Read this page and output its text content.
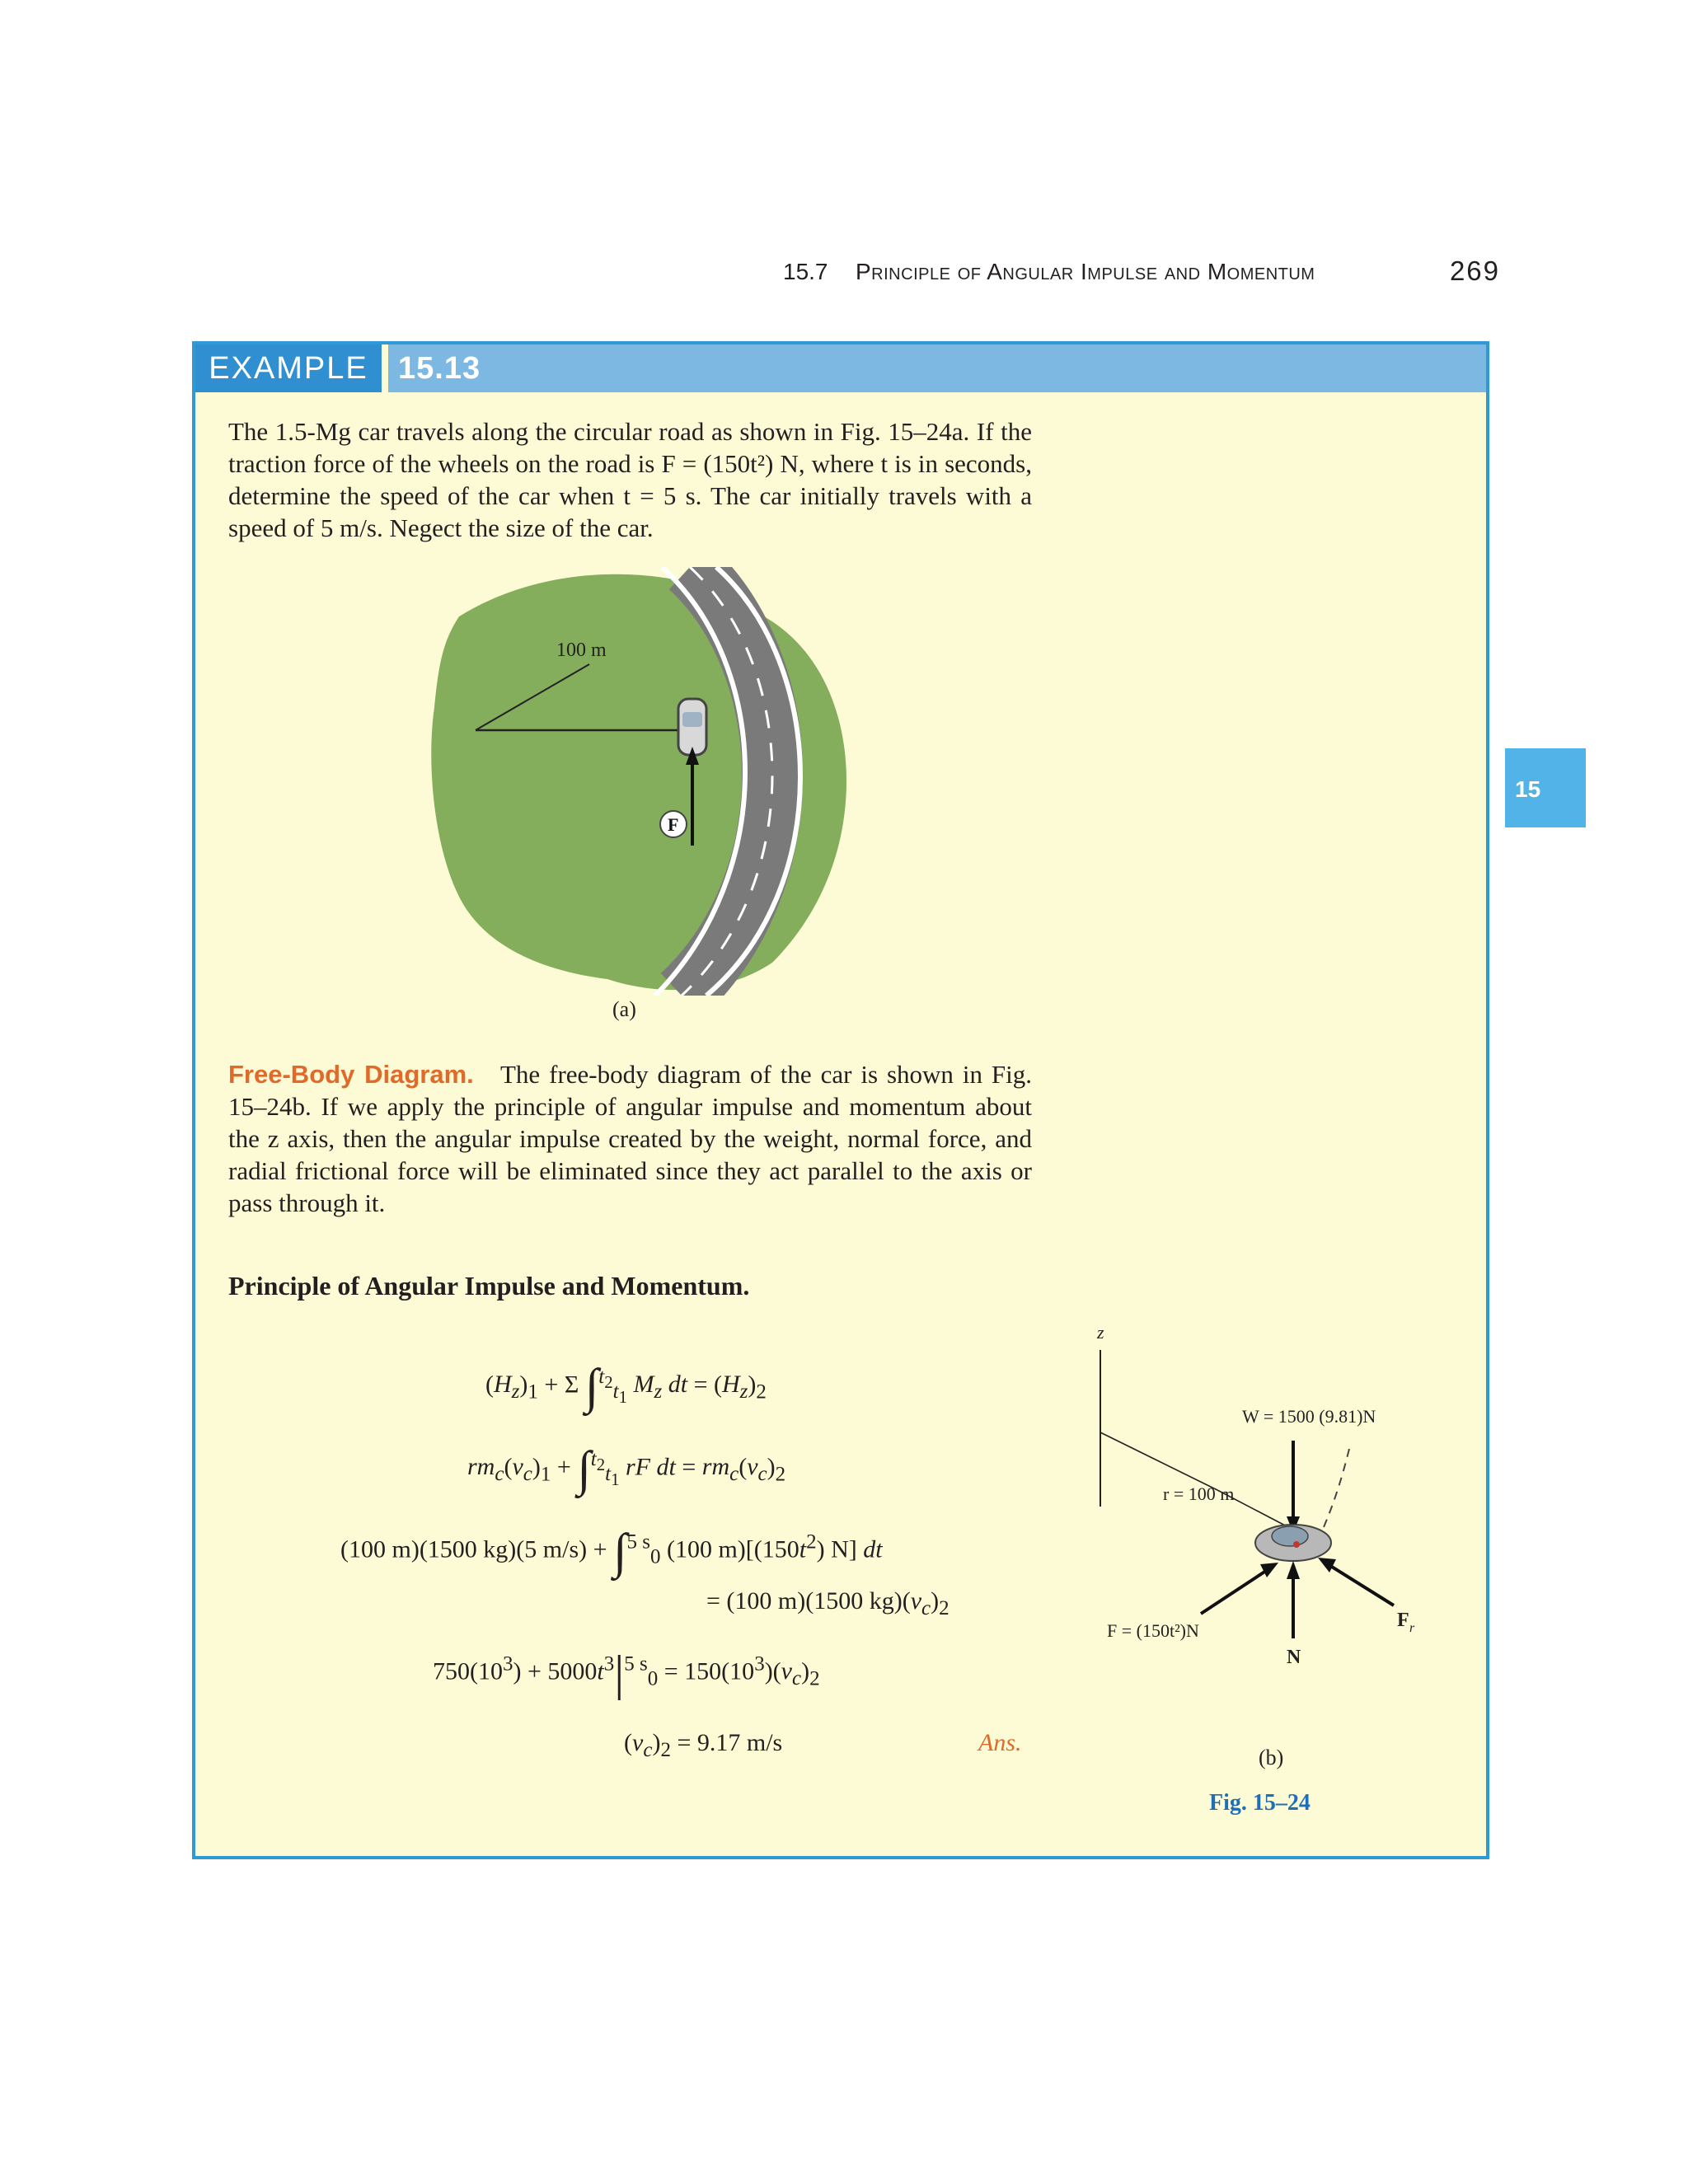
15.7 Principle of Angular Impulse and Momentum	269
15
EXAMPLE 15.13
The 1.5-Mg car travels along the circular road as shown in Fig. 15–24a. If the traction force of the wheels on the road is F = (150t²) N, where t is in seconds, determine the speed of the car when t = 5 s. The car initially travels with a speed of 5 m/s. Negect the size of the car.
100 m
F
(a)
Free-Body Diagram. The free-body diagram of the car is shown in Fig. 15–24b. If we apply the principle of angular impulse and momentum about the z axis, then the angular impulse created by the weight, normal force, and radial frictional force will be eliminated since they act parallel to the axis or pass through it.
Principle of Angular Impulse and Momentum.
$(H_z)_1 + \Sigma$ ∫$^{t_2}_{t_1}$ $M_z$ dt = $(H_z)_2$
$rm_c(v_c)_1 + \int^{t_2}_{t_1}$ rF dt = $rm_c(v_c)_2$
(100 m)(1500 kg)(5 m/s) + ∫$^{5 s}_0$ (100 $m)[(150t^2)$ N] dt
= (100 m)(1500 $kg)(v_c)_2$
$750(10^3) + 5000t^3|^{5 s}_0 = 150(10^3)(v_c)_2$
$(v_c)_2 = 9.17$ m/s	Ans.
z
r = 100 m
W = 1500 (9.81)N
F = (150t²)N	F r
N
(b)
Fig. 15–24
